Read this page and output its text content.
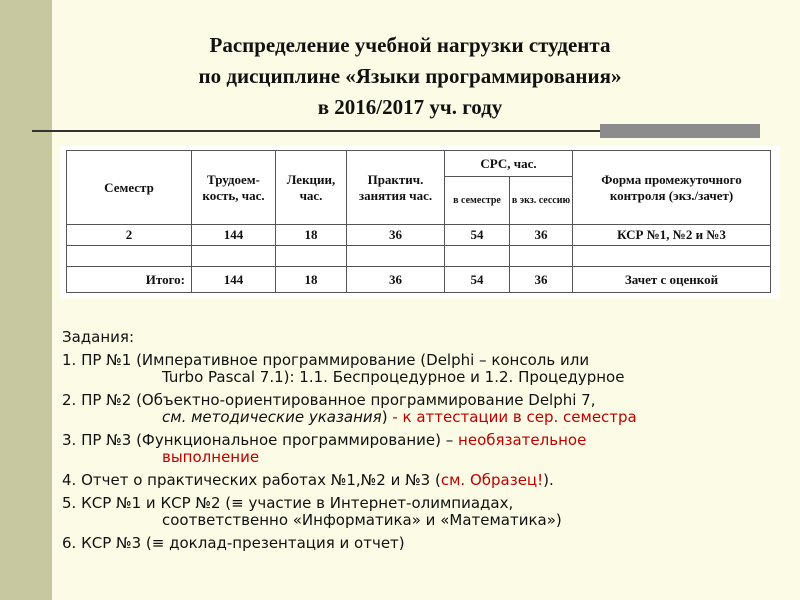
Распределение учебной нагрузки студента
по дисциплине «Языки программирования»
в 2016/2017 уч. году
Семестр	Трудоем-кость, час.	Лекции, час.	Практич. занятия час.	СРС, час.		Форма промежуточного контроля (экз./зачет)
				в семестре	в экз. сессию	
2	144	18	36	54	36	КСР №1, №2 и №3

Итого:	144	18	36	54	36	Зачет с оценкой
Задания:
1. ПР №1 (Императивное программирование (Delphi – консоль или
Turbo Pascal 7.1): 1.1. Беспроцедурное и 1.2. Процедурное
2. ПР №2 (Объектно-ориентированное программирование Delphi 7,
см. методические указания) - к аттестации в сер. семестра
3. ПР №3 (Функциональное программирование) – необязательное
выполнение
4. Отчет о практических работах №1,№2 и №3 (см. Образец!).
5. КСР №1 и КСР №2 (≡ участие в Интернет-олимпиадах,
соответственно «Информатика» и «Математика»)
6. КСР №3 (≡ доклад-презентация и отчет)
